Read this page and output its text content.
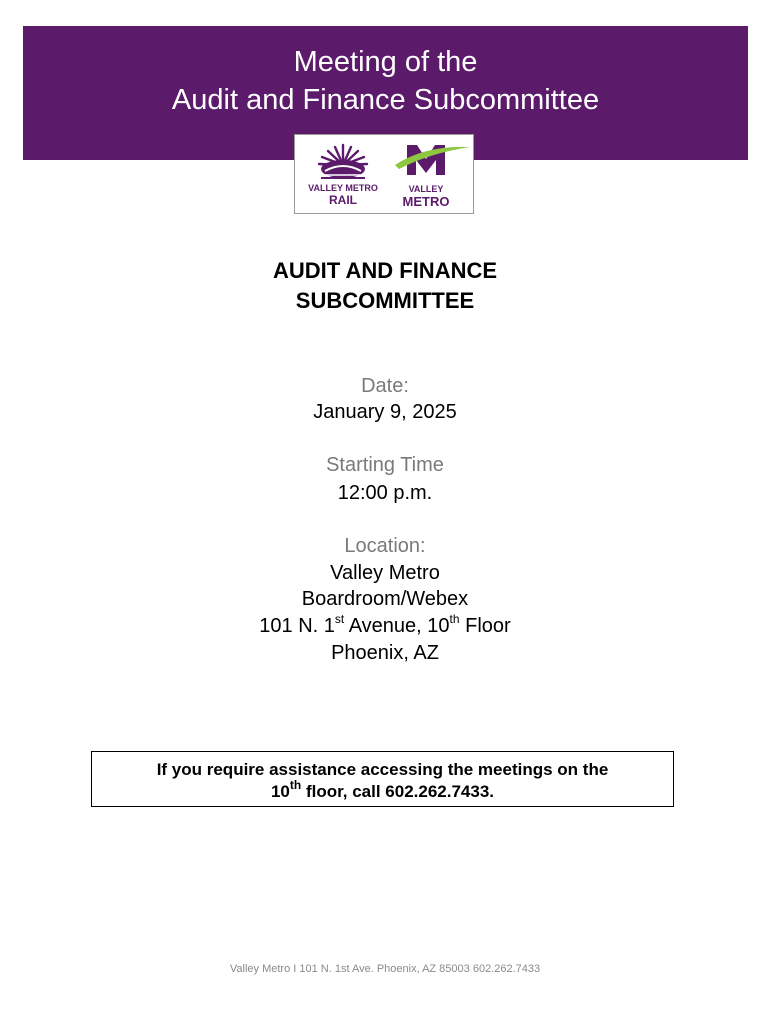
Meeting of the
Audit and Finance Subcommittee
VALLEY METRO
RAIL
VALLEY
METRO
AUDIT AND FINANCE
SUBCOMMITTEE
Date:
January 9, 2025
Starting Time
12:00 p.m.
Location:
Valley Metro
Boardroom/Webex
101 N. 1st Avenue, 10th Floor
Phoenix, AZ
If you require assistance accessing the meetings on the
10th floor, call 602.262.7433.
Valley Metro I 101 N. 1st Ave. Phoenix, AZ 85003 602.262.7433
